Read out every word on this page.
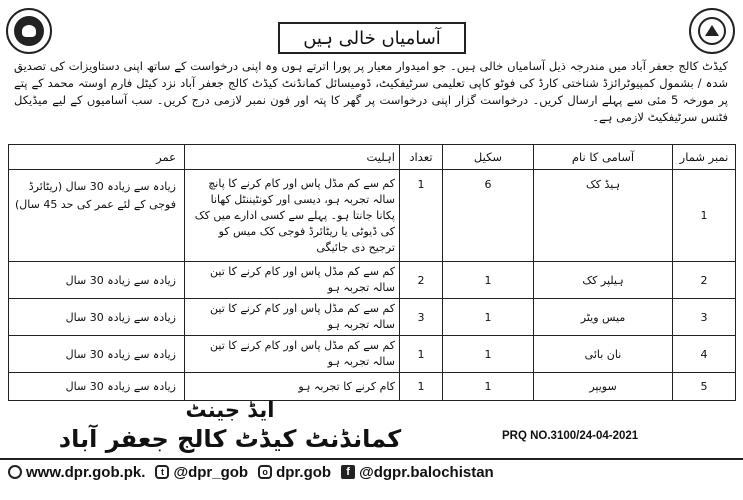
آسامیاں خالی ہیں
کیڈٹ کالج جعفر آباد میں مندرجہ ذیل آسامیاں خالی ہیں۔ جو امیدوار معیار پر پورا اترتے ہوں وہ اپنی درخواست کے ساتھ اپنی دستاویزات کی تصدیق شدہ / بشمول کمپیوٹرائزڈ شناختی کارڈ کی فوٹو کاپی تعلیمی سرٹیفکیٹ، ڈومیسائل کمانڈنٹ کیڈٹ کالج جعفر آباد نزد کیٹل فارم اوستہ محمد کے پتے پر مورخہ 5 مئی سے پہلے ارسال کریں۔ درخواست گزار اپنی درخواست پر گھر کا پتہ اور فون نمبر لازمی درج کریں۔ سب آسامیوں کے لیے میڈیکل فٹنس سرٹیفکیٹ لازمی ہے۔
نمبر شمار	آسامی کا نام	سکیل	تعداد	اہلیت	عمر
1	ہیڈ کک	6	1	کم سے کم مڈل پاس اور کام کرنے کا پانچ سالہ تجربہ ہو، دیسی اور کونٹیننٹل کھانا پکانا جانتا ہو۔ پہلے سے کسی ادارے میں کک کی ڈیوٹی یا ریٹائرڈ فوجی کک میس کو ترجیح دی جائیگی	زیادہ سے زیادہ 30 سال (ریٹائرڈ فوجی کے لئے عمر کی حد 45 سال)
2	ہیلپر کک	1	2	کم سے کم مڈل پاس اور کام کرنے کا تین سالہ تجربہ ہو	زیادہ سے زیادہ 30 سال
3	میس ویٹر	1	3	کم سے کم مڈل پاس اور کام کرنے کا تین سالہ تجربہ ہو	زیادہ سے زیادہ 30 سال
4	نان بائی	1	1	کم سے کم مڈل پاس اور کام کرنے کا تین سالہ تجربہ ہو	زیادہ سے زیادہ 30 سال
5	سویپر	1	1	کام کرنے کا تجربہ ہو	زیادہ سے زیادہ 30 سال
ایڈ جینٹ
کمانڈنٹ کیڈٹ کالج جعفر آباد	PRQ NO.3100/24-04-2021
www.dpr.gob.pk.	t @dpr_gob	o dpr.gob	f @dgpr.balochistan
